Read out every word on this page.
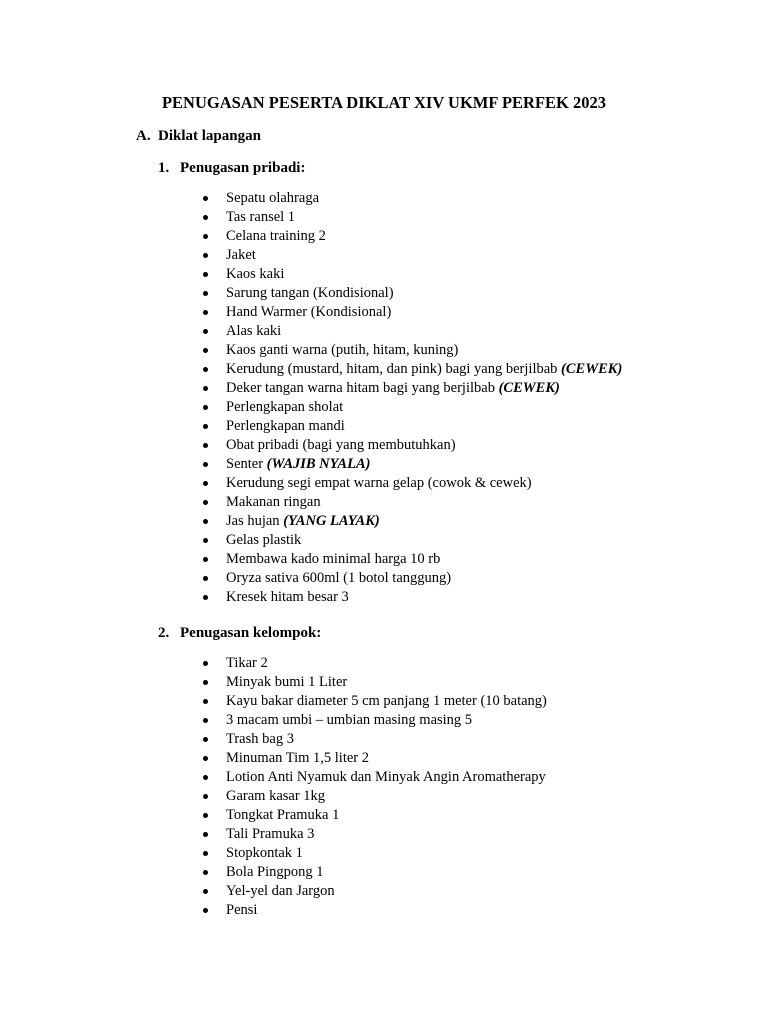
PENUGASAN PESERTA DIKLAT XIV UKMF PERFEK 2023
A. Diklat lapangan
1. Penugasan pribadi:
Sepatu olahraga
Tas ransel 1
Celana training 2
Jaket
Kaos kaki
Sarung tangan (Kondisional)
Hand Warmer (Kondisional)
Alas kaki
Kaos ganti warna (putih, hitam, kuning)
Kerudung (mustard, hitam, dan pink) bagi yang berjilbab (CEWEK)
Deker tangan warna hitam bagi yang berjilbab (CEWEK)
Perlengkapan sholat
Perlengkapan mandi
Obat pribadi (bagi yang membutuhkan)
Senter (WAJIB NYALA)
Kerudung segi empat warna gelap (cowok & cewek)
Makanan ringan
Jas hujan (YANG LAYAK)
Gelas plastik
Membawa kado minimal harga 10 rb
Oryza sativa 600ml (1 botol tanggung)
Kresek hitam besar 3
2. Penugasan kelompok:
Tikar 2
Minyak bumi 1 Liter
Kayu bakar diameter 5 cm panjang 1 meter (10 batang)
3 macam umbi – umbian masing masing 5
Trash bag 3
Minuman Tim 1,5 liter 2
Lotion Anti Nyamuk dan Minyak Angin Aromatherapy
Garam kasar 1kg
Tongkat Pramuka 1
Tali Pramuka 3
Stopkontak 1
Bola Pingpong 1
Yel-yel dan Jargon
Pensi
